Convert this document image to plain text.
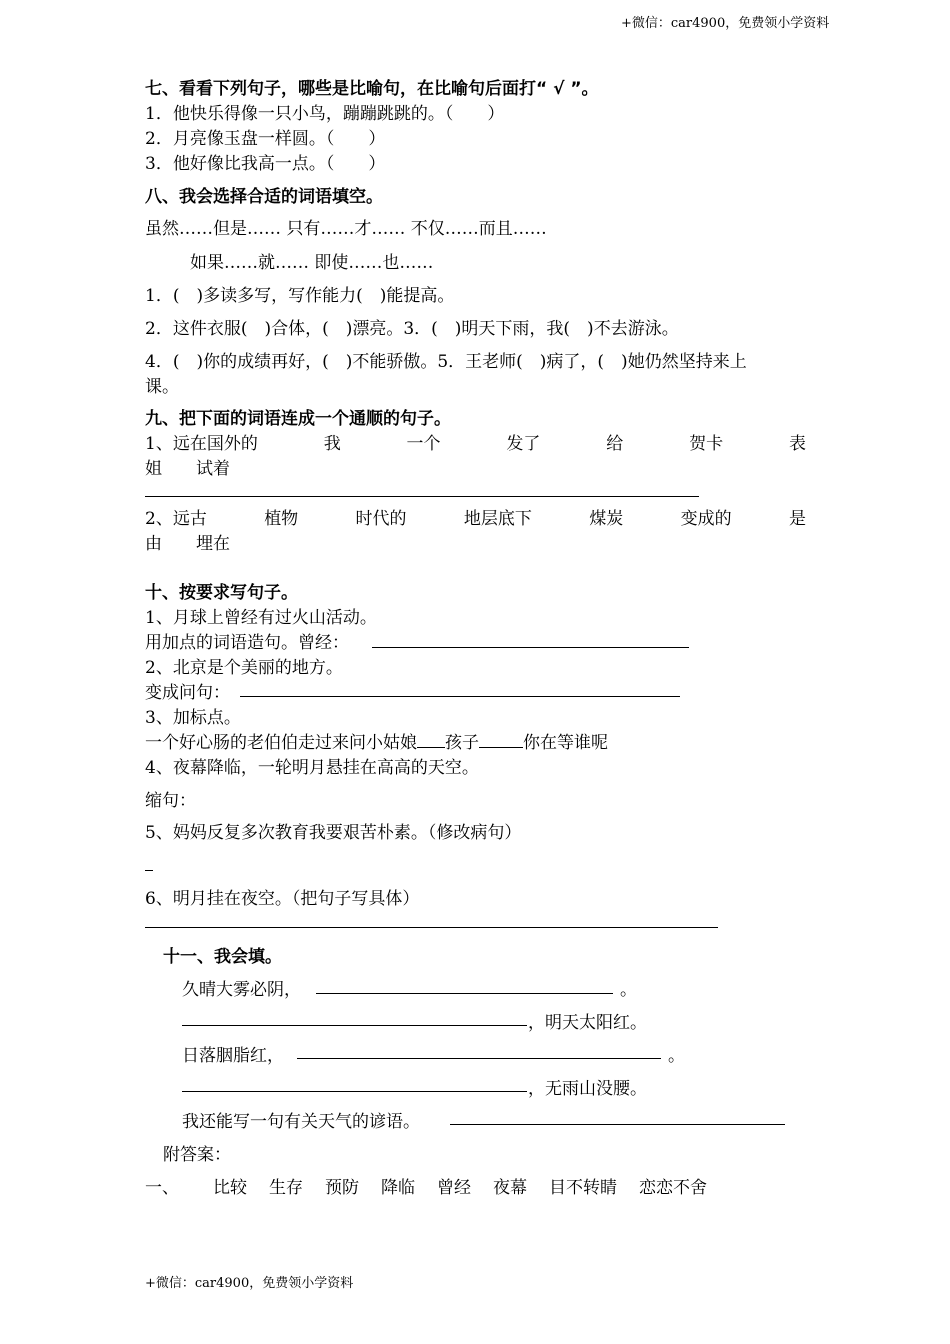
+微信：car4900，免费领小学资料
七、看看下列句子，哪些是比喻句，在比喻句后面打“ √ ”。
1．他快乐得像一只小鸟，蹦蹦跳跳的。（　　）
2．月亮像玉盘一样圆。（　　）
3．他好像比我高一点。（　　）
八、我会选择合适的词语填空。
虽然……但是…… 只有……才…… 不仅……而且……
如果……就…… 即使……也……
1．(　)多读多写，写作能力(　)能提高。
2．这件衣服(　)合体，(　)漂亮。3．(　)明天下雨，我(　)不去游泳。
4．(　)你的成绩再好，(　)不能骄傲。5．王老师(　)病了，(　)她仍然坚持来上
课。
九、把下面的词语连成一个通顺的句子。
1、远在国外的	我	一个	发了	给	贺卡	表
姐 试着
2、远古	植物	时代的	地层底下	煤炭	变成的	是
由 埋在
十、按要求写句子。
1、月球上曾经有过火山活动。
用加点的词语造句。曾经：
2、北京是个美丽的地方。
变成问句：
3、加标点。
一个好心肠的老伯伯走过来问小姑娘 孩子	你在等谁呢
4、夜幕降临，一轮明月悬挂在高高的天空。
缩句：
5、妈妈反复多次教育我要艰苦朴素。（修改病句）
6、明月挂在夜空。（把句子写具体）
十一、我会填。
久晴大雾必阴，	。
，明天太阳红。
日落胭脂红，	。
，无雨山没腰。
我还能写一句有关天气的谚语。
附答案：
一、 比较 生存 预防 降临 曾经 夜幕 目不转睛 恋恋不舍
+微信：car4900，免费领小学资料
